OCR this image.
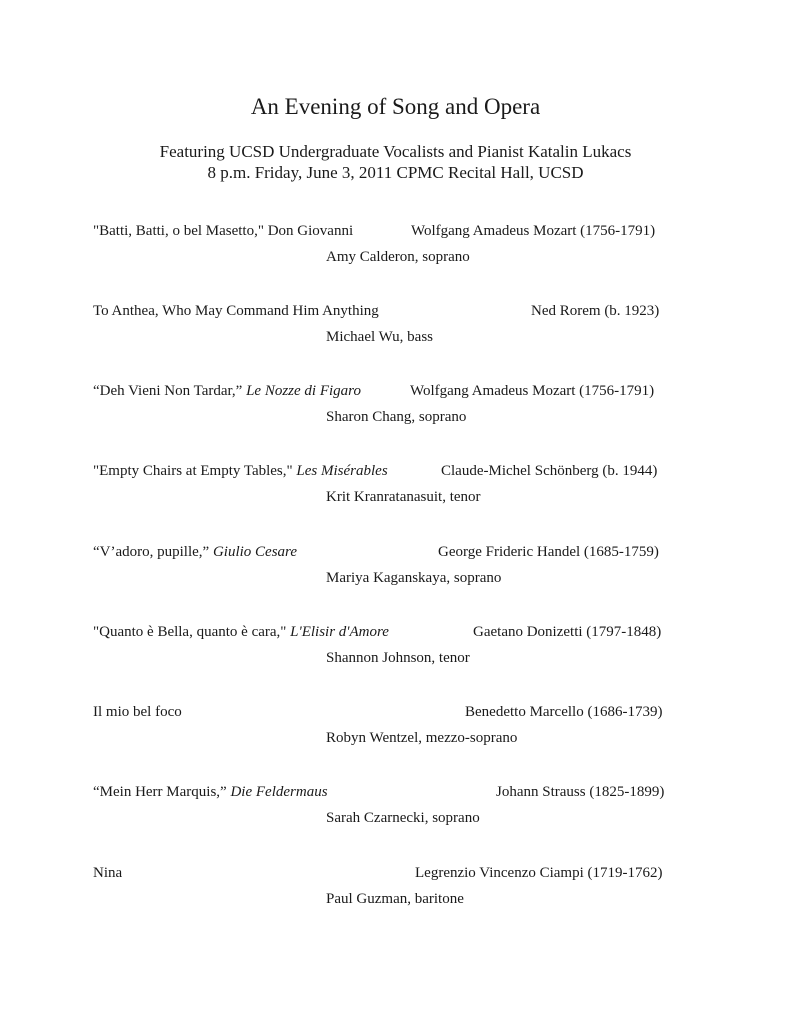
An Evening of Song and Opera
Featuring UCSD Undergraduate Vocalists and Pianist Katalin Lukacs
8 p.m. Friday, June 3, 2011 CPMC Recital Hall, UCSD
"Batti, Batti, o bel Masetto," Don Giovanni	Wolfgang Amadeus Mozart (1756-1791)
Amy Calderon, soprano
To Anthea, Who May Command Him Anything	Ned Rorem (b. 1923)
Michael Wu, bass
“Deh Vieni Non Tardar,” Le Nozze di Figaro	Wolfgang Amadeus Mozart (1756-1791)
Sharon Chang, soprano
"Empty Chairs at Empty Tables," Les Misérables	Claude-Michel Schönberg (b. 1944)
Krit Kranratanasuit, tenor
“V’adoro, pupille,” Giulio Cesare	George Frideric Handel (1685-1759)
Mariya Kaganskaya, soprano
"Quanto è Bella, quanto è cara," L'Elisir d'Amore	Gaetano Donizetti (1797-1848)
Shannon Johnson, tenor
Il mio bel foco	Benedetto Marcello (1686-1739)
Robyn Wentzel, mezzo-soprano
“Mein Herr Marquis,” Die Feldermaus	Johann Strauss (1825-1899)
Sarah Czarnecki, soprano
Nina	Legrenzio Vincenzo Ciampi (1719-1762)
Paul Guzman, baritone
